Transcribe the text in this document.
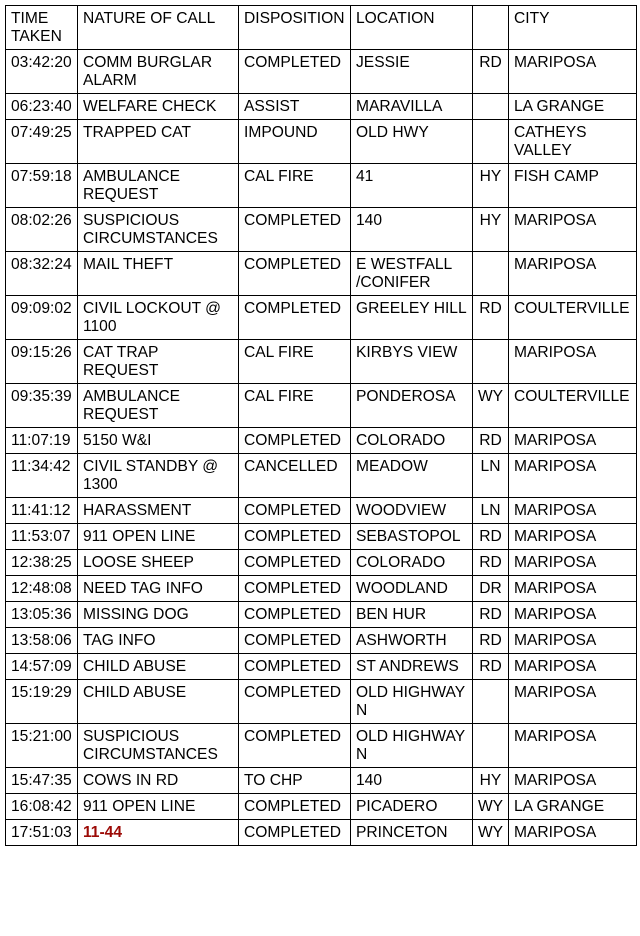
TIME TAKEN	NATURE OF CALL	DISPOSITION	LOCATION		CITY
03:42:20	COMM BURGLAR ALARM	COMPLETED	JESSIE	RD	MARIPOSA
06:23:40	WELFARE CHECK	ASSIST	MARAVILLA		LA GRANGE
07:49:25	TRAPPED CAT	IMPOUND	OLD HWY		CATHEYS VALLEY
07:59:18	AMBULANCE REQUEST	CAL FIRE	41	HY	FISH CAMP
08:02:26	SUSPICIOUS CIRCUMSTANCES	COMPLETED	140	HY	MARIPOSA
08:32:24	MAIL THEFT	COMPLETED	E WESTFALL /CONIFER		MARIPOSA
09:09:02	CIVIL LOCKOUT @ 1100	COMPLETED	GREELEY HILL	RD	COULTERVILLE
09:15:26	CAT TRAP REQUEST	CAL FIRE	KIRBYS VIEW		MARIPOSA
09:35:39	AMBULANCE REQUEST	CAL FIRE	PONDEROSA	WY	COULTERVILLE
11:07:19	5150 W&I	COMPLETED	COLORADO	RD	MARIPOSA
11:34:42	CIVIL STANDBY @ 1300	CANCELLED	MEADOW	LN	MARIPOSA
11:41:12	HARASSMENT	COMPLETED	WOODVIEW	LN	MARIPOSA
11:53:07	911 OPEN LINE	COMPLETED	SEBASTOPOL	RD	MARIPOSA
12:38:25	LOOSE SHEEP	COMPLETED	COLORADO	RD	MARIPOSA
12:48:08	NEED TAG INFO	COMPLETED	WOODLAND	DR	MARIPOSA
13:05:36	MISSING DOG	COMPLETED	BEN HUR	RD	MARIPOSA
13:58:06	TAG INFO	COMPLETED	ASHWORTH	RD	MARIPOSA
14:57:09	CHILD ABUSE	COMPLETED	ST ANDREWS	RD	MARIPOSA
15:19:29	CHILD ABUSE	COMPLETED	OLD HIGHWAY N		MARIPOSA
15:21:00	SUSPICIOUS CIRCUMSTANCES	COMPLETED	OLD HIGHWAY N		MARIPOSA
15:47:35	COWS IN RD	TO CHP	140	HY	MARIPOSA
16:08:42	911 OPEN LINE	COMPLETED	PICADERO	WY	LA GRANGE
17:51:03	11-44	COMPLETED	PRINCETON	WY	MARIPOSA
